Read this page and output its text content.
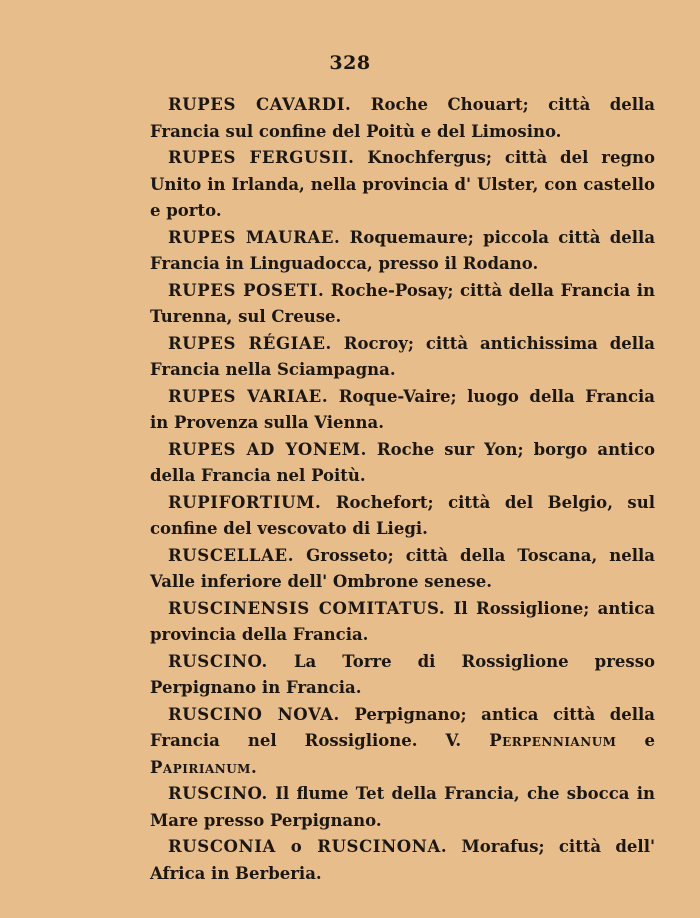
328

RUPES CAVARDI. Roche Chouart; città della Francia sul confine del Poitù e del Limosino.

RUPES FERGUSII. Knochfergus; città del regno Unito in Irlanda, nella provincia d' Ulster, con castello e porto.

RUPES MAURAE. Roquemaure; piccola città della Francia in Linguadocca, presso il Rodano.

RUPES POSETI. Roche-Posay; città della Francia in Turenna, sul Creuse.

RUPES RÉGIAE. Rocroy; città antichissima della Francia nella Sciampagna.

RUPES VARIAE. Roque-Vaire; luogo della Francia in Provenza sulla Vienna.

RUPES AD YONEM. Roche sur Yon; borgo antico della Francia nel Poitù.

RUPIFORTIUM. Rochefort; città del Belgio, sul confine del vescovato di Liegi.

RUSCELLAE. Grosseto; città della Toscana, nella Valle inferiore dell' Ombrone senese.

RUSCINENSIS COMITATUS. Il Rossiglione; antica provincia della Francia.

RUSCINO. La Torre di Rossiglione presso Perpignano in Francia.

RUSCINO NOVA. Perpignano; antica città della Francia nel Rossiglione. V. Perpennianum e Papirianum.

RUSCINO. Il flume Tet della Francia, che sbocca in Mare presso Perpignano.

RUSCONIA o RUSCINONA. Morafus; città dell' Africa in Berberia.
